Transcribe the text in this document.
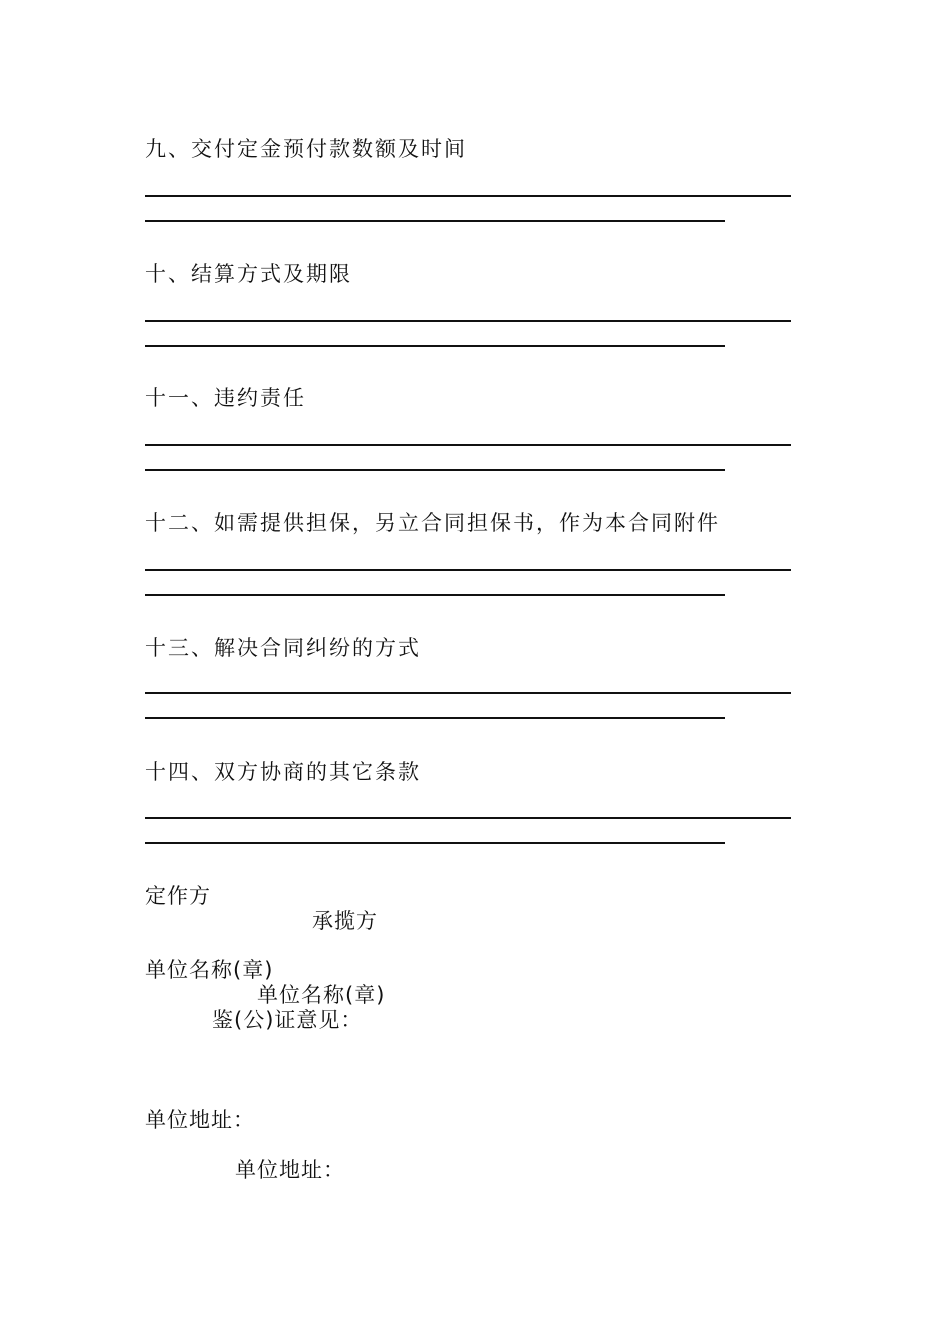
九、交付定金预付款数额及时间
十、结算方式及期限
十一、违约责任
十二、如需提供担保，另立合同担保书，作为本合同附件
十三、解决合同纠纷的方式
十四、双方协商的其它条款
定作方
承揽方
单位名称(章)
单位名称(章)
鉴(公)证意见：
单位地址：
单位地址：
